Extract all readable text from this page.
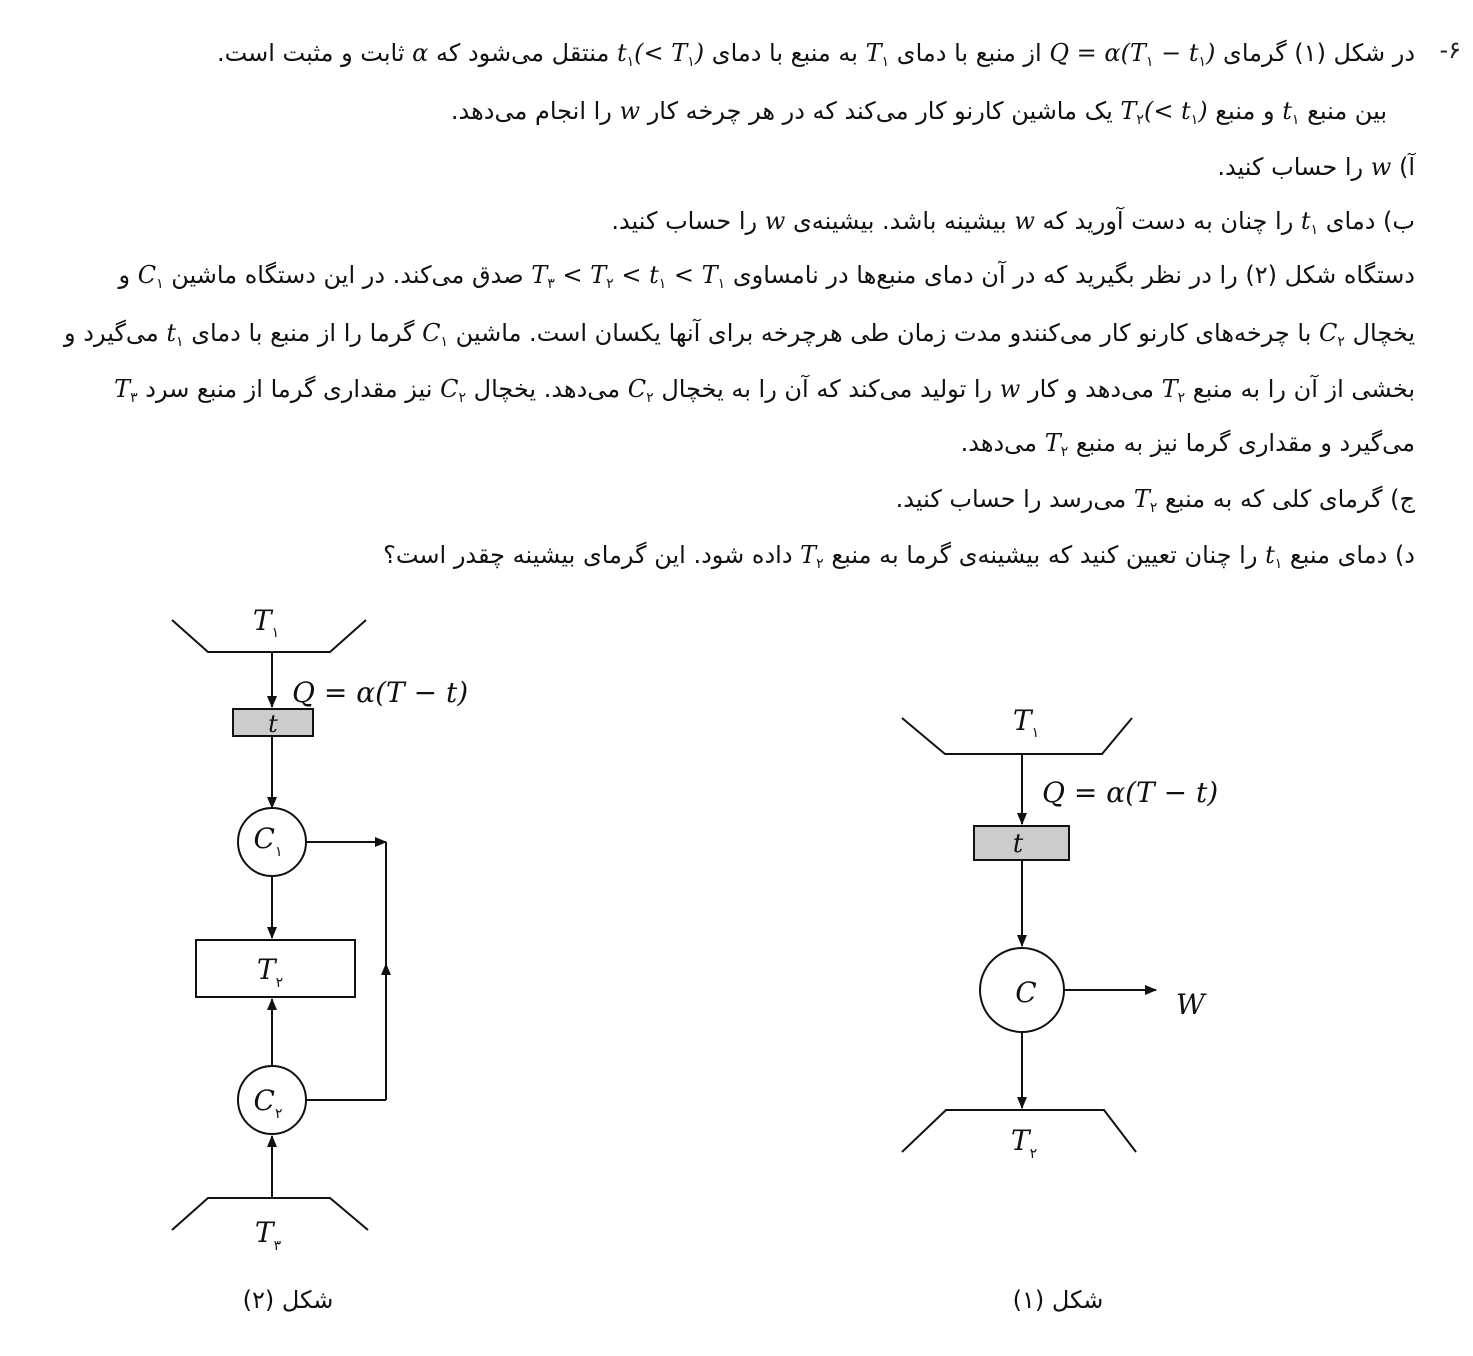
۶-
در شکل (۱) گرمای $Q = \alpha(T_۱ - t_۱)$ از منبع با دمای $T_۱$ به منبع با دمای $t_۱(< T_۱)$ منتقل می‌شود که α ثابت و مثبت است.
بین منبع $t_۱$ و منبع $T_۲(< t_۱)$ یک ماشین کارنو کار می‌کند که در هر چرخه کار w را انجام می‌دهد.
آ) w را حساب کنید.
ب) دمای $t_۱$ را چنان به دست آورید که w بیشینه باشد. بیشینه‌ی w را حساب کنید.
دستگاه شکل (۲) را در نظر بگیرید که در آن دمای منبع‌ها در نامساوی $T_۳ < T_۲ < t_۱ < T_۱$ صدق می‌کند. در این دستگاه ماشین $C_۱$ و
یخچال $C_۲$ با چرخه‌های کارنو کار می‌کنندو مدت زمان طی هرچرخه برای آنها یکسان است. ماشین $C_۱$ گرما را از منبع با دمای $t_۱$ می‌گیرد و
بخشی از آن را به منبع $T_۲$ می‌دهد و کار w را تولید می‌کند که آن را به یخچال $C_۲$ می‌دهد. یخچال $C_۲$ نیز مقداری گرما از منبع سرد $T_۳$
می‌گیرد و مقداری گرما نیز به منبع $T_۲$ می‌دهد.
ج) گرمای کلی که به منبع $T_۲$ می‌رسد را حساب کنید.
د) دمای منبع $t_۱$ را چنان تعیین کنید که بیشینه‌ی گرما به منبع $T_۲$ داده شود. این گرمای بیشینه چقدر است؟
$T_۱$
Q = α(T − t)
t
$C_۱$
$T_۲$
$C_۲$
$T_۳$
شکل (۲)
$T_۱$
Q = α(T − t)
t
C	W
$T_۲$
شکل (۱)
